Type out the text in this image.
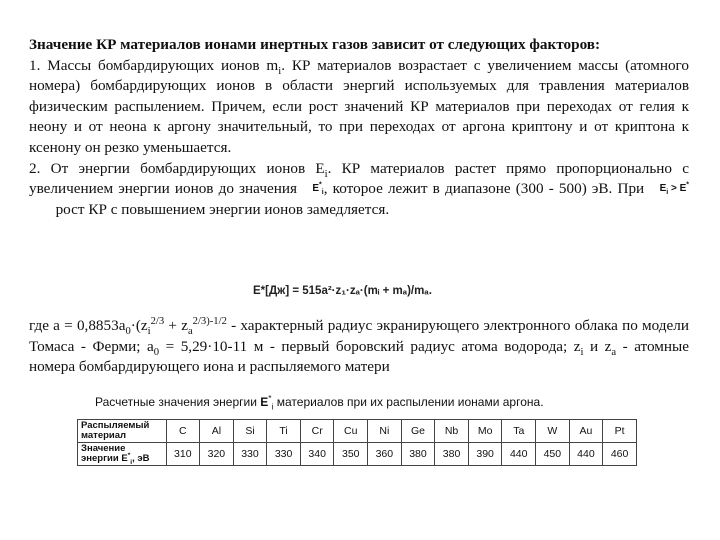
Значение КР материалов ионами инертных газов зависит от следующих факторов:
1. Массы бомбардирующих ионов $m_i$. КР материалов возрастает с увеличением массы (атомного номера) бомбардирующих ионов в области энергий используемых для травления материалов физическим распылением. Причем, если рост значений КР материалов при переходах от гелия к неону и от неона к аргону значительный, то при переходах от аргона криптону и от криптона к ксенону он резко уменьшается.
2. От энергии бомбардирующих ионов $E_i$. КР материалов растет прямо пропорционально с увеличением энергии ионов до значения $E^*_i$, которое лежит в диапазоне (300 - 500) эВ. При $E_i > E^*$       рост КР с повышением энергии ионов замедляется.
E*[Дж] = 515a²·z₁·zₐ·(mᵢ + mₐ)/mₐ.
где $a = 0,8853a_0\cdot(z_i^{2/3} + z_a^{2/3)-1/2}$ - характерный радиус экранирующего электронного облака по модели Томаса - Ферми; $a_0 = 5,29\cdot 10-11$ м - первый боровский радиус атома водорода; $z_i$ и $z_a$ - атомные номера бомбардирующего иона и распыляемого матери
Расчетные значения энергии $E^*_i$ материалов при их распылении ионами аргона.
Распыляемый материал	C	Al	Si	Ti	Cr	Cu	Ni	Ge	Nb	Mo	Ta	W	Au	Pt
Значение энергии $E^*_i$, эВ	310	320	330	330	340	350	360	380	380	390	440	450	440	460
